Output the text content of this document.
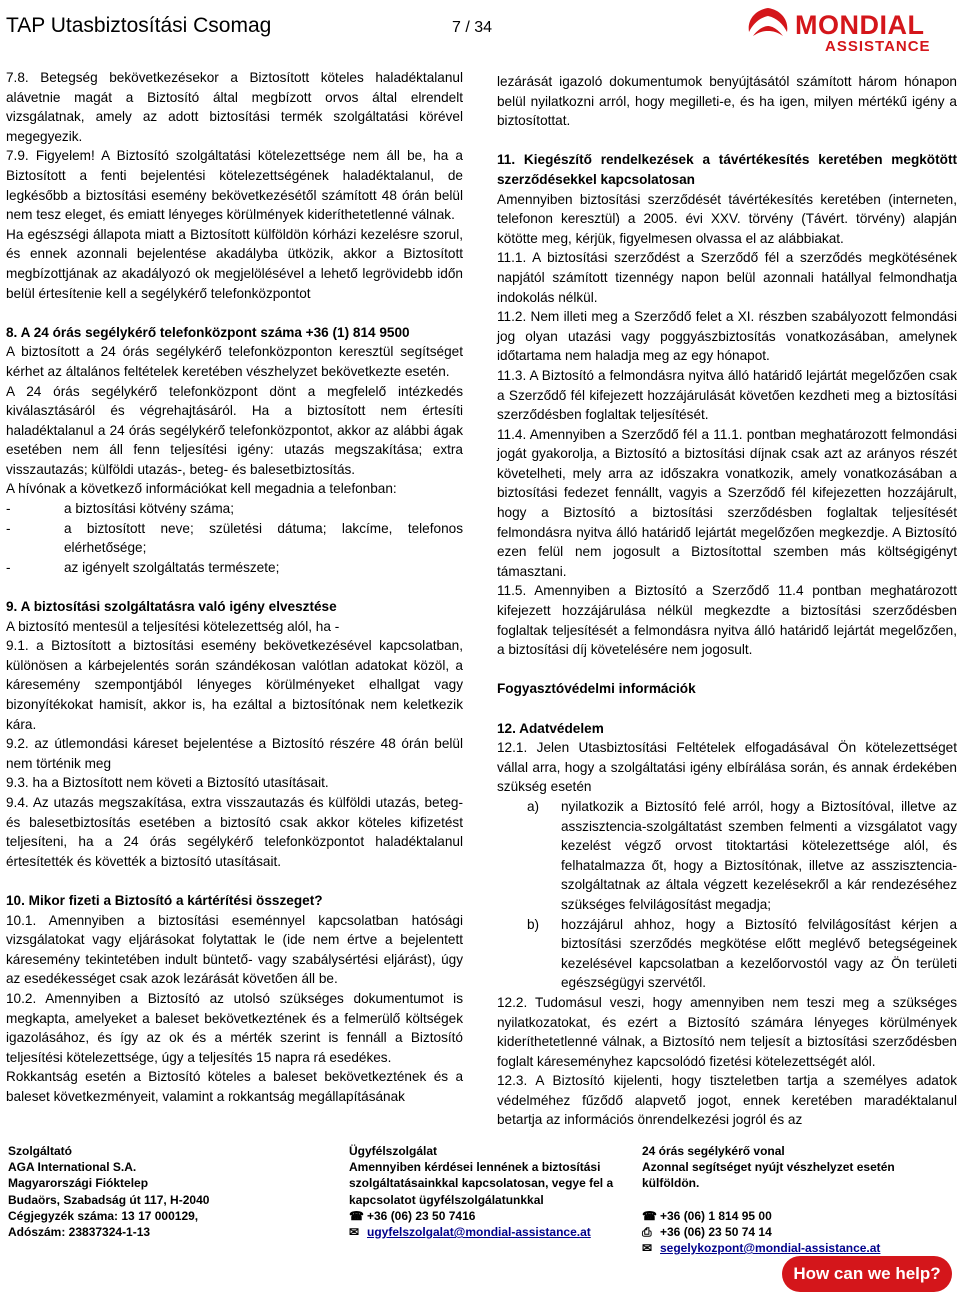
TAP Utasbiztosítási Csomag	7 / 34	MONDIAL
ASSISTANCE

7.8. Betegség bekövetkezésekor a Biztosított köteles haladéktalanul alávetnie magát a Biztosító által megbízott orvos által elrendelt vizsgálatnak, amely az adott biztosítási termék szolgáltatási körével megegyezik.

7.9. Figyelem! A Biztosító szolgáltatási kötelezettsége nem áll be, ha a Biztosított a fenti bejelentési kötelezettségének haladéktalanul, de legkésőbb a biztosítási esemény bekövetkezésétől számított 48 órán belül nem tesz eleget, és emiatt lényeges körülmények kideríthetetlenné válnak.

Ha egészségi állapota miatt a Biztosított külföldön kórházi kezelésre szorul, és ennek azonnali bejelentése akadályba ütközik, akkor a Biztosított megbízottjának az akadályozó ok megjelölésével a lehető legrövidebb időn belül értesítenie kell a segélykérő telefonközpontot

8. A 24 órás segélykérő telefonközpont száma +36 (1) 814 9500

A biztosított a 24 órás segélykérő telefonközponton keresztül segítséget kérhet az általános feltételek keretében vészhelyzet bekövetkezte esetén.

A 24 órás segélykérő telefonközpont dönt a megfelelő intézkedés kiválasztásáról és végrehajtásáról. Ha a biztosított nem értesíti haladéktalanul a 24 órás segélykérő telefonközpontot, akkor az alábbi ágak esetében nem áll fenn teljesítési igény: utazás megszakítása; extra visszautazás; külföldi utazás-, beteg- és balesetbiztosítás.

A hívónak a következő információkat kell megadnia a telefonban:

-	a biztosítási kötvény száma;
-	a biztosított neve; születési dátuma; lakcíme, telefonos elérhetősége;
-	az igényelt szolgáltatás természete;

9. A biztosítási szolgáltatásra való igény elvesztése

A biztosító mentesül a teljesítési kötelezettség alól, ha -

9.1. a Biztosított a biztosítási esemény bekövetkezésével kapcsolatban, különösen a kárbejelentés során szándékosan valótlan adatokat közöl, a káresemény szempontjából lényeges körülményeket elhallgat vagy bizonyítékokat hamisít, akkor is, ha ezáltal a biztosítónak nem keletkezik kára.

9.2. az útlemondási káreset bejelentése a Biztosító részére 48 órán belül nem történik meg

9.3. ha a Biztosított nem követi a Biztosító utasításait.

9.4. Az utazás megszakítása, extra visszautazás és külföldi utazás, beteg- és balesetbiztosítás esetében a biztosító csak akkor köteles kifizetést teljesíteni, ha a 24 órás segélykérő telefonközpontot haladéktalanul értesítették és követték a biztosító utasításait.

10. Mikor fizeti a Biztosító a kártérítési összeget?

10.1. Amennyiben a biztosítási eseménnyel kapcsolatban hatósági vizsgálatokat vagy eljárásokat folytattak le (ide nem értve a bejelentett káresemény tekintetében indult büntető- vagy szabálysértési eljárást), úgy az esedékességet csak azok lezárását követően áll be.

10.2. Amennyiben a Biztosító az utolsó szükséges dokumentumot is megkapta, amelyeket a baleset bekövetkeztének és a felmerülő költségek igazolásához, és így az ok és a mérték szerint is fennáll a Biztosító teljesítési kötelezettsége, úgy a teljesítés 15 napra rá esedékes.

Rokkantság esetén a Biztosító köteles a baleset bekövetkeztének és a baleset következményeit, valamint a rokkantság megállapításának

lezárását igazoló dokumentumok benyújtásától számított három hónapon belül nyilatkozni arról, hogy megilleti-e, és ha igen, milyen mértékű igény a biztosítottat.

11. Kiegészítő rendelkezések a távértékesítés keretében megkötött szerződésekkel kapcsolatosan

Amennyiben biztosítási szerződését távértékesítés keretében (interneten, telefonon keresztül) a 2005. évi XXV. törvény (Távért. törvény) alapján kötötte meg, kérjük, figyelmesen olvassa el az alábbiakat.

11.1. A biztosítási szerződést a Szerződő fél a szerződés megkötésének napjától számított tizennégy napon belül azonnali hatállyal felmondhatja indokolás nélkül.

11.2. Nem illeti meg a Szerződő felet a XI. részben szabályozott felmondási jog olyan utazási vagy poggyászbiztosítás vonatkozásában, amelynek időtartama nem haladja meg az egy hónapot.

11.3. A Biztosító a felmondásra nyitva álló határidő lejártát megelőzően csak a Szerződő fél kifejezett hozzájárulását követően kezdheti meg a biztosítási szerződésben foglaltak teljesítését.

11.4. Amennyiben a Szerződő fél a 11.1. pontban meghatározott felmondási jogát gyakorolja, a Biztosító a biztosítási díjnak csak azt az arányos részét követelheti, mely arra az időszakra vonatkozik, amely vonatkozásában a biztosítási fedezet fennállt, vagyis a Szerződő fél kifejezetten hozzájárult, hogy a Biztosító a biztosítási szerződésben foglaltak teljesítését felmondásra nyitva álló határidő lejártát megelőzően megkezdje. A Biztosító ezen felül nem jogosult a Biztosítottal szemben más költségigényt támasztani.

11.5. Amennyiben a Biztosító a Szerződő 11.4 pontban meghatározott kifejezett hozzájárulása nélkül megkezdte a biztosítási szerződésben foglaltak teljesítését a felmondásra nyitva álló határidő lejártát megelőzően, a biztosítási díj követelésére nem jogosult.

Fogyasztóvédelmi információk

12. Adatvédelem

12.1. Jelen Utasbiztosítási Feltételek elfogadásával Ön kötelezettséget vállal arra, hogy a szolgáltatási igény elbírálása során, és annak érdekében szükség esetén

a)	nyilatkozik a Biztosító felé arról, hogy a Biztosítóval, illetve az asszisztencia-szolgáltatást szemben felmenti a vizsgálatot vagy kezelést végző orvost titoktartási kötelezettsége alól, és felhatalmazza őt, hogy a Biztosítónak, illetve az asszisztencia-szolgáltatnak az általa végzett kezelésekről a kár rendezéséhez szükséges felvilágosítást megadja;
b)	hozzájárul ahhoz, hogy a Biztosító felvilágosítást kérjen a biztosítási szerződés megkötése előtt meglévő betegségeinek kezelésével kapcsolatban a kezelőorvostól vagy az Ön területi egészségügyi szervétől.

12.2. Tudomásul veszi, hogy amennyiben nem teszi meg a szükséges nyilatkozatokat, és ezért a Biztosító számára lényeges körülmények kideríthetetlenné válnak, a Biztosító nem teljesít a biztosítási szerződésben foglalt káreseményhez kapcsolódó fizetési kötelezettségét alól.

12.3. A Biztosító kijelenti, hogy tiszteletben tartja a személyes adatok védelméhez fűződő alapvető jogot, ennek keretében maradéktalanul betartja az információs önrendelkezési jogról és az

Szolgáltató
AGA International S.A.
Magyarországi Fióktelep
Budaörs, Szabadság út 117, H-2040
Cégjegyzék száma: 13 17 000129,
Adószám: 23837324-1-13
Ügyfélszolgálat
Amennyiben kérdései lennének a biztosítási
szolgáltatásainkkal kapcsolatosan, vegye fel a
kapcsolatot ügyfélszolgálatunkkal
☎ +36 (06) 23 50 7416
✉ ugyfelszolgalat@mondial-assistance.at
24 órás segélykérő vonal
Azonnal segítséget nyújt vészhelyzet esetén
külföldön.
☎ +36 (06) 1 814 95 00
⎙ +36 (06) 23 50 74 14
✉ segelykozpont@mondial-assistance.at
How can we help?
